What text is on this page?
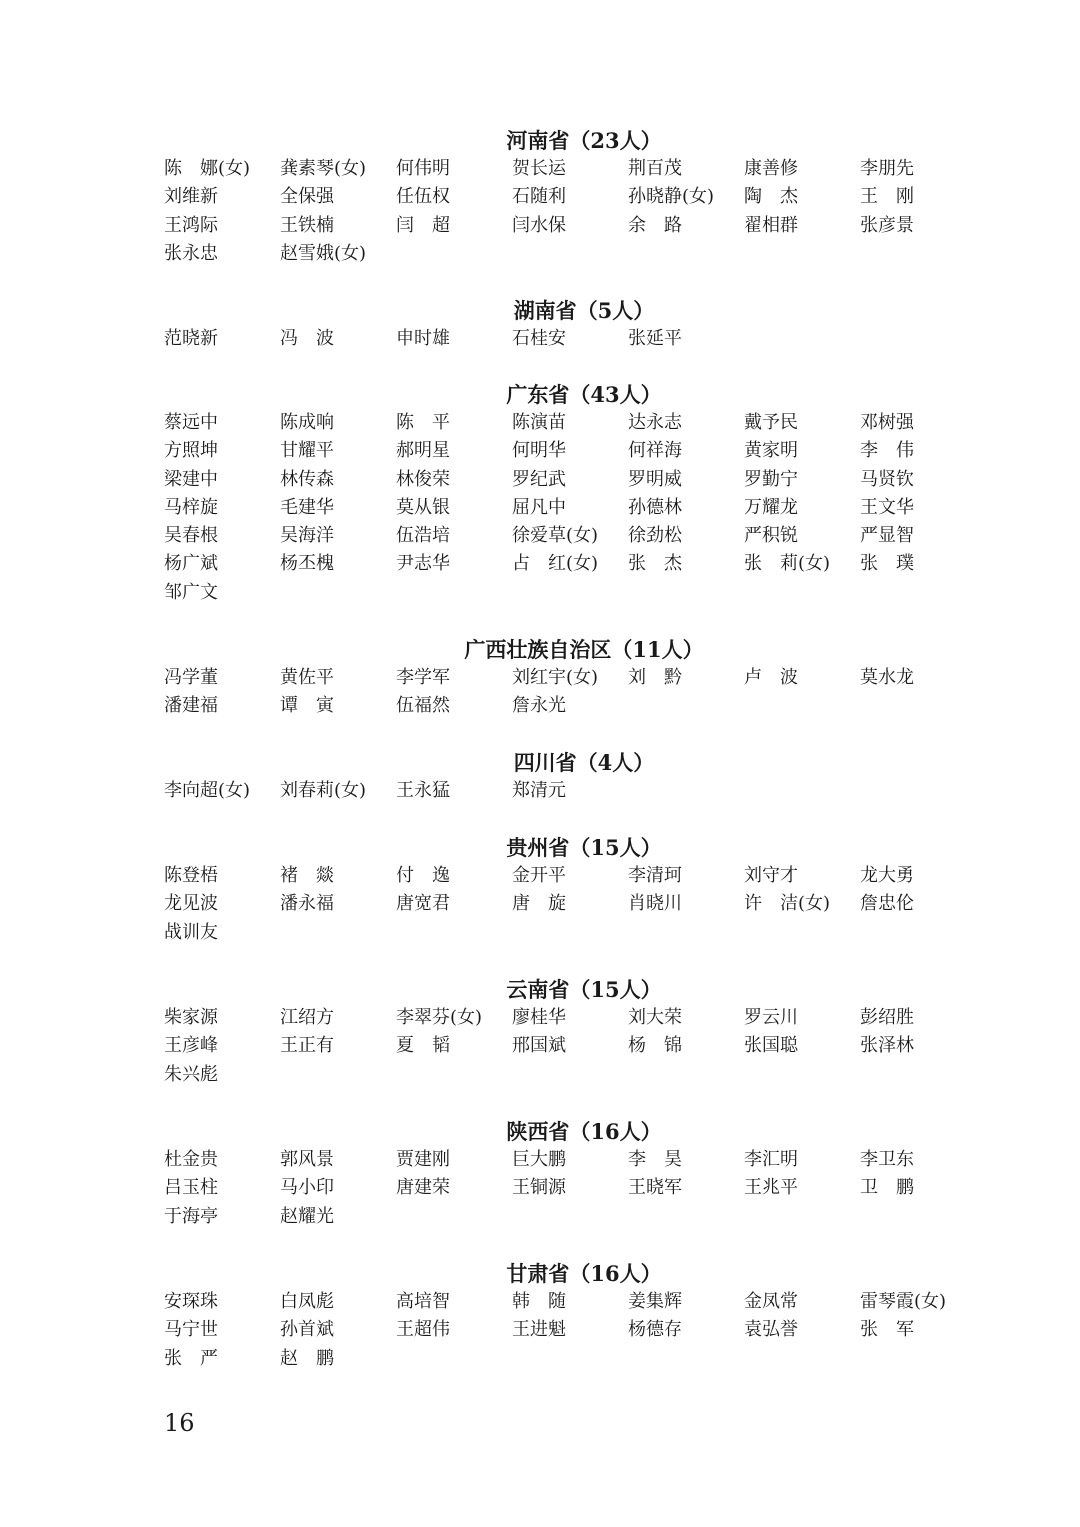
河南省（23人）
陈　娜(女)	龚素琴(女)	何伟明	贺长运	荆百茂	康善修	李朋先
刘维新	全保强	任伍权	石随利	孙晓静(女)	陶　杰	王　刚
王鸿际	王铁楠	闫　超	闫水保	余　路	翟相群	张彦景
张永忠	赵雪娥(女)
湖南省（5人）
范晓新	冯　波	申时雄	石桂安	张延平
广东省（43人）
蔡远中	陈成响	陈　平	陈演苗	达永志	戴予民	邓树强
方照坤	甘耀平	郝明星	何明华	何祥海	黄家明	李　伟
梁建中	林传森	林俊荣	罗纪武	罗明威	罗勤宁	马贤钦
马梓旋	毛建华	莫从银	屈凡中	孙德林	万耀龙	王文华
吴春根	吴海洋	伍浩培	徐爱草(女)	徐劲松	严积锐	严显智
杨广斌	杨丕槐	尹志华	占　红(女)	张　杰	张　莉(女)	张　璞
邹广文
广西壮族自治区（11人）
冯学董	黄佐平	李学军	刘红宇(女)	刘　黔	卢　波	莫水龙
潘建福	谭　寅	伍福然	詹永光
四川省（4人）
李向超(女)	刘春莉(女)	王永猛	郑清元
贵州省（15人）
陈登梧	褚　燚	付　逸	金开平	李清珂	刘守才	龙大勇
龙见波	潘永福	唐宽君	唐　旋	肖晓川	许　洁(女)	詹忠伦
战训友
云南省（15人）
柴家源	江绍方	李翠芬(女)	廖桂华	刘大荣	罗云川	彭绍胜
王彦峰	王正有	夏　韬	邢国斌	杨　锦	张国聪	张泽林
朱兴彪
陕西省（16人）
杜金贵	郭风景	贾建刚	巨大鹏	李　昊	李汇明	李卫东
吕玉柱	马小印	唐建荣	王铜源	王晓军	王兆平	卫　鹏
于海亭	赵耀光
甘肃省（16人）
安琛珠	白凤彪	高培智	韩　随	姜集辉	金凤常	雷琴霞(女)
马宁世	孙首斌	王超伟	王进魁	杨德存	袁弘誉	张　军
张　严	赵　鹏
16
